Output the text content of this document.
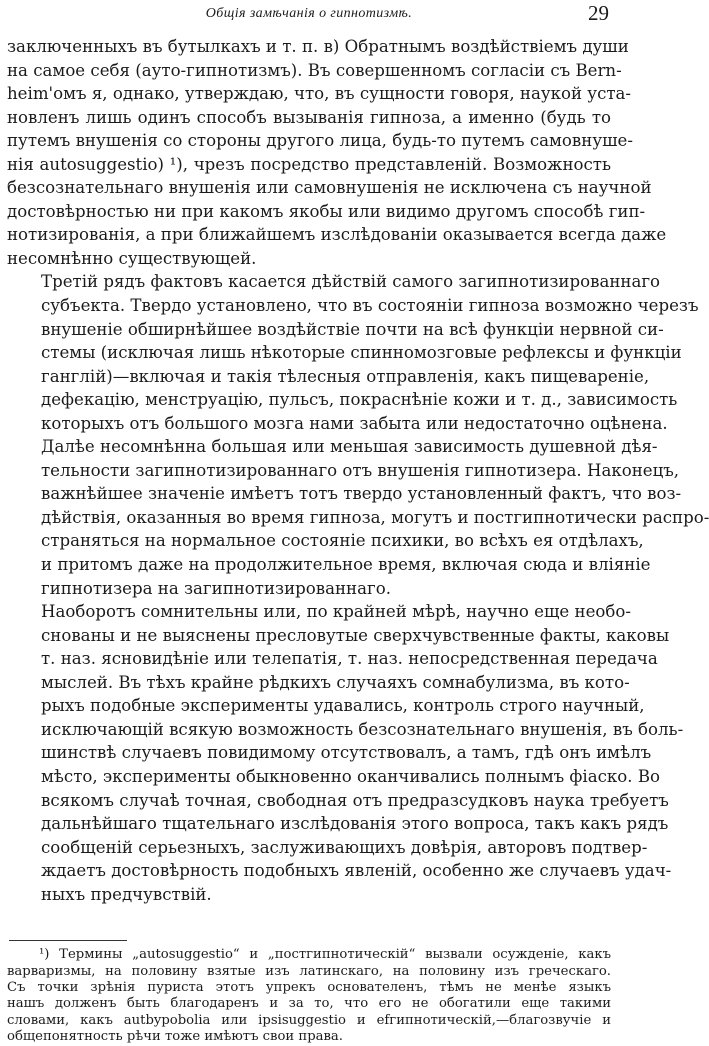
Общія замѣчанія о гипнотизмѣ.	29

заключенныхъ въ бутылкахъ и т. п. в) Обратнымъ воздѣйствіемъ души
на самое себя (ауто-гипнотизмъ). Въ совершенномъ согласіи съ Bern-
heim'омъ я, однако, утверждаю, что, въ сущности говоря, наукой уста-
новленъ лишь одинъ способъ вызыванія гипноза, а именно (будь то
путемъ внушенія со стороны другого лица, будь-то путемъ самовнуше-
нія autosuggestio) ¹), чрезъ посредство представленій. Возможность
безсознательнаго внушенія или самовнушенія не исключена съ научной
достовѣрностью ни при какомъ якобы или видимо другомъ способѣ гип-
нотизированія, а при ближайшемъ изслѣдованіи оказывается всегда даже
несомнѣнно существующей.

Третій рядъ фактовъ касается дѣйствій самого загипнотизированнаго
субъекта. Твердо установлено, что въ состояніи гипноза возможно черезъ
внушеніе обширнѣйшее воздѣйствіе почти на всѣ функціи нервной си-
стемы (исключая лишь нѣкоторые спинномозговые рефлексы и функціи
ганглій)—включая и такія тѣлесныя отправленія, какъ пищевареніе,
дефекацію, менструацію, пульсъ, покраснѣніе кожи и т. д., зависимость
которыхъ отъ большого мозга нами забыта или недостаточно оцѣнена.

Далѣе несомнѣнна большая или меньшая зависимость душевной дѣя-
тельности загипнотизированнаго отъ внушенія гипнотизера. Наконецъ,
важнѣйшее значеніе имѣетъ тотъ твердо установленный фактъ, что воз-
дѣйствія, оказанныя во время гипноза, могутъ и постгипнотически распро-
страняться на нормальное состояніе психики, во всѣхъ ея отдѣлахъ,
и притомъ даже на продолжительное время, включая сюда и вліяніе
гипнотизера на загипнотизированнаго.

Наоборотъ сомнительны или, по крайней мѣрѣ, научно еще необо-
снованы и не выяснены пресловутые сверхчувственные факты, каковы
т. наз. ясновидѣніе или телепатія, т. наз. непосредственная передача
мыслей. Въ тѣхъ крайне рѣдкихъ случаяхъ сомнабулизма, въ кото-
рыхъ подобные эксперименты удавались, контроль строго научный,
исключающій всякую возможность безсознательнаго внушенія, въ боль-
шинствѣ случаевъ повидимому отсутствовалъ, а тамъ, гдѣ онъ имѣлъ
мѣсто, эксперименты обыкновенно оканчивались полнымъ фіаско. Во
всякомъ случаѣ точная, свободная отъ предразсудковъ наука требуетъ
дальнѣйшаго тщательнаго изслѣдованія этого вопроса, такъ какъ рядъ
сообщеній серьезныхъ, заслуживающихъ довѣрія, авторовъ подтвер-
ждаетъ достовѣрность подобныхъ явленій, особенно же случаевъ удач-
ныхъ предчувствій.

¹) Термины „autosuggestio“ и „постгипнотическій“ вызвали осужденіе, какъ
варваризмы, на половину взятые изъ латинскаго, на половину изъ греческаго.
Съ точки зрѣнія пуриста этотъ упрекъ основателенъ, тѣмъ не менѣе языкъ
нашъ долженъ быть благодаренъ и за то, что его не обогатили еще такими
словами, какъ autbypobolia или ipsisuggestio и efгипнотическій,—благозвучіе и
общепонятность рѣчи тоже имѣютъ свои права.
